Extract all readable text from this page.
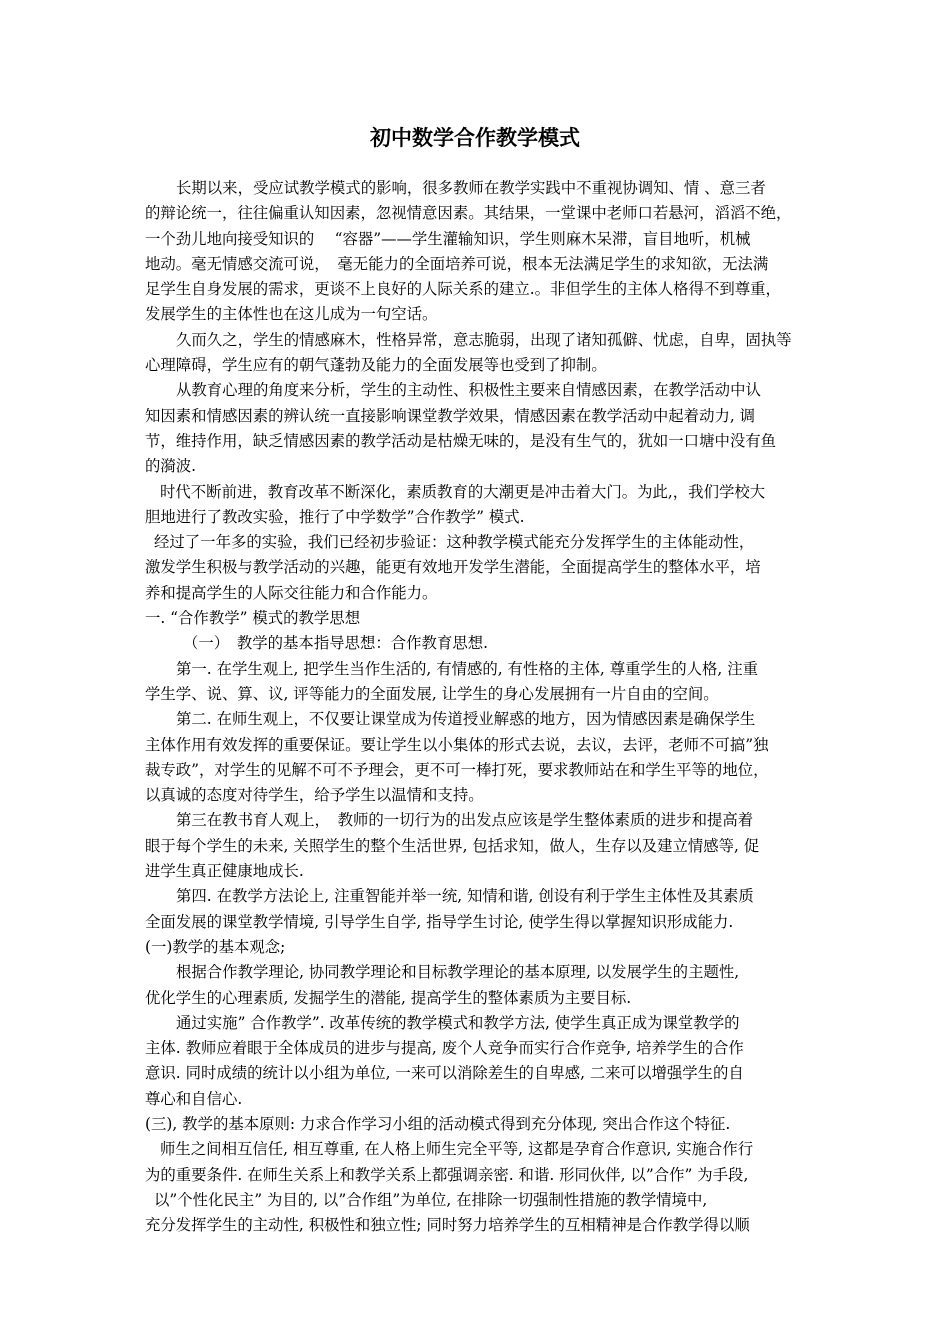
初中数学合作教学模式
长期以来，受应试教学模式的影响，很多教师在教学实践中不重视协调知、情 、意三者
的辩论统一，往往偏重认知因素，忽视情意因素。其结果，一堂课中老师口若悬河，滔滔不绝，
一个劲儿地向接受知识的　 “容器”——学生灌输知识，学生则麻木呆滞，盲目地听，机械
地动。毫无情感交流可说，　毫无能力的全面培养可说，根本无法满足学生的求知欲，无法满
足学生自身发展的需求，更谈不上良好的人际关系的建立.。非但学生的主体人格得不到尊重，
发展学生的主体性也在这儿成为一句空话。
久而久之，学生的情感麻木，性格异常，意志脆弱，出现了诸知孤僻、忧虑，自卑，固执等
心理障碍，学生应有的朝气蓬勃及能力的全面发展等也受到了抑制。
从教育心理的角度来分析，学生的主动性、积极性主要来自情感因素，在教学活动中认
知因素和情感因素的辨认统一直接影响课堂教学效果，情感因素在教学活动中起着动力, 调
节，维持作用，缺乏情感因素的教学活动是枯燥无味的，是没有生气的，犹如一口塘中没有鱼
的漪波.
时代不断前进，教育改革不断深化，素质教育的大潮更是冲击着大门。为此,，我们学校大
胆地进行了教改实验，推行了中学数学”合作教学” 模式.
经过了一年多的实验，我们已经初步验证：这种教学模式能充分发挥学生的主体能动性，
激发学生积极与教学活动的兴趣，能更有效地开发学生潜能，全面提高学生的整体水平，培
养和提高学生的人际交往能力和合作能力。
一. “合作教学” 模式的教学思想
（一）　教学的基本指导思想：合作教育思想.
第一. 在学生观上, 把学生当作生活的, 有情感的, 有性格的主体, 尊重学生的人格, 注重
学生学、说、算、议, 评等能力的全面发展, 让学生的身心发展拥有一片自由的空间。
第二. 在师生观上，不仅要让课堂成为传道授业解惑的地方，因为情感因素是确保学生
主体作用有效发挥的重要保证。要让学生以小集体的形式去说，去议，去评，老师不可搞”独
裁专政”，对学生的见解不可不予理会，更不可一棒打死，要求教师站在和学生平等的地位，
以真诚的态度对待学生，给予学生以温情和支持。
第三在教书育人观上，　教师的一切行为的出发点应该是学生整体素质的进步和提高着
眼于每个学生的未来, 关照学生的整个生活世界, 包括求知，做人，生存以及建立情感等, 促
进学生真正健康地成长.
第四. 在教学方法论上, 注重智能并举一统, 知情和谐, 创设有利于学生主体性及其素质
全面发展的课堂教学情境, 引导学生自学, 指导学生讨论, 使学生得以掌握知识形成能力.
(一)教学的基本观念;
根据合作教学理论, 协同教学理论和目标教学理论的基本原理, 以发展学生的主题性,
优化学生的心理素质, 发掘学生的潜能, 提高学生的整体素质为主要目标.
通过实施” 合作教学”. 改革传统的教学模式和教学方法, 使学生真正成为课堂教学的
主体. 教师应着眼于全体成员的进步与提高, 废个人竞争而实行合作竞争, 培养学生的合作
意识. 同时成绩的统计以小组为单位, 一来可以消除差生的自卑感, 二来可以增强学生的自
尊心和自信心.
(三), 教学的基本原则: 力求合作学习小组的活动模式得到充分体现, 突出合作这个特征.
师生之间相互信任, 相互尊重, 在人格上师生完全平等, 这都是孕育合作意识, 实施合作行
为的重要条件. 在师生关系上和教学关系上都强调亲密. 和谐. 形同伙伴, 以”合作” 为手段,
以”个性化民主” 为目的, 以”合作组”为单位, 在排除一切强制性措施的教学情境中,
充分发挥学生的主动性, 积极性和独立性; 同时努力培养学生的互相精神是合作教学得以顺
